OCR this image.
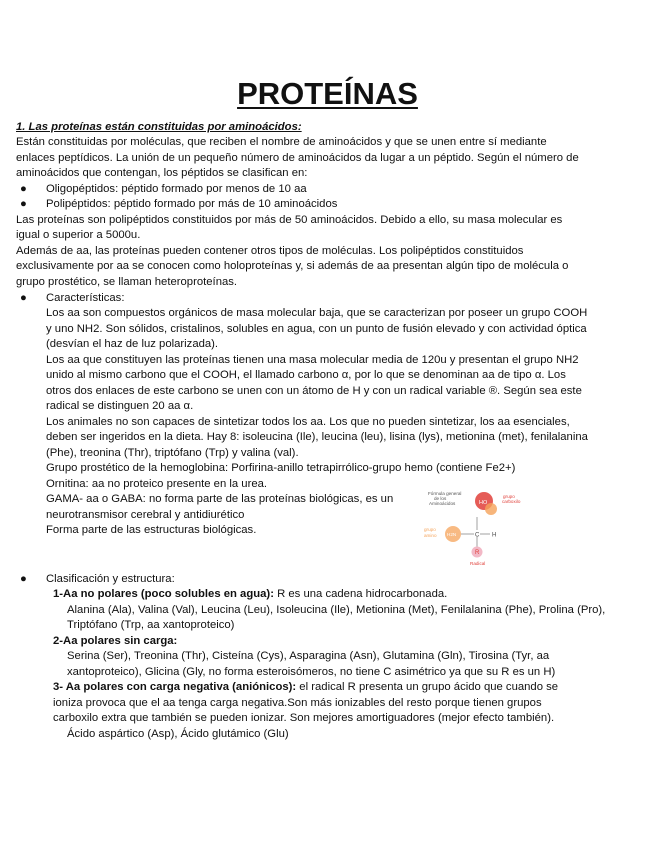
PROTEÍNAS

1. Las proteínas están constituidas por aminoácidos:

Están constituidas por moléculas, que reciben el nombre de aminoácidos y que se unen entre sí mediante

enlaces peptídicos. La unión de un pequeño número de aminoácidos da lugar a un péptido. Según el número de

aminoácidos que contengan, los péptidos se clasifican en:

● Oligopéptidos: péptido formado por menos de 10 aa

● Polipéptidos: péptido formado por más de 10 aminoácidos

Las proteínas son polipéptidos constituidos por más de 50 aminoácidos. Debido a ello, su masa molecular es

igual o superior a 5000u.

Además de aa, las proteínas pueden contener otros tipos de moléculas. Los polipéptidos constituidos

exclusivamente por aa se conocen como holoproteínas y, si además de aa presentan algún tipo de molécula o

grupo prostético, se llaman heteroproteínas.

● Características:

Los aa son compuestos orgánicos de masa molecular baja, que se caracterizan por poseer un grupo COOH

y uno NH2. Son sólidos, cristalinos, solubles en agua, con un punto de fusión elevado y con actividad óptica

(desvían el haz de luz polarizada).

Los aa que constituyen las proteínas tienen una masa molecular media de 120u y presentan el grupo NH2

unido al mismo carbono que el COOH, el llamado carbono α, por lo que se denominan aa de tipo α. Los

otros dos enlaces de este carbono se unen con un átomo de H y con un radical variable ®. Según sea este

radical se distinguen 20 aa α.

Los animales no son capaces de sintetizar todos los aa. Los que no pueden sintetizar, los aa esenciales,

deben ser ingeridos en la dieta. Hay 8: isoleucina (Ile), leucina (leu), lisina (lys), metionina (met), fenilalanina

(Phe), treonina (Thr), triptófano (Trp) y valina (val).

Grupo prostético de la hemoglobina: Porfirina-anillo tetrapirrólico-grupo hemo (contiene Fe2+)

Ornitina: aa no proteico presente en la urea.

GAMA- aa o GABA: no forma parte de las proteínas biológicas, es un

neurotransmisor cerebral y antidiurético

Forma parte de las estructuras biológicas.

Fórmula general
de los
Aminoácidos	HO
grupo
carboxilo
H2N
grupo
amino	C H
R
Radical
● Clasificación y estructura:

1-Aa no polares (poco solubles en agua): R es una cadena hidrocarbonada.

Alanina (Ala), Valina (Val), Leucina (Leu), Isoleucina (Ile), Metionina (Met), Fenilalanina (Phe), Prolina (Pro),

Triptófano (Trp, aa xantoproteico)

2-Aa polares sin carga:

Serina (Ser), Treonina (Thr), Cisteína (Cys), Asparagina (Asn), Glutamina (Gln), Tirosina (Tyr, aa

xantoproteico), Glicina (Gly, no forma esteroisómeros, no tiene C asimétrico ya que su R es un H)

3- Aa polares con carga negativa (aniónicos): el radical R presenta un grupo ácido que cuando se

ioniza provoca que el aa tenga carga negativa.Son más ionizables del resto porque tienen grupos

carboxilo extra que también se pueden ionizar. Son mejores amortiguadores (mejor efecto también).

Ácido aspártico (Asp), Ácido glutámico (Glu)
